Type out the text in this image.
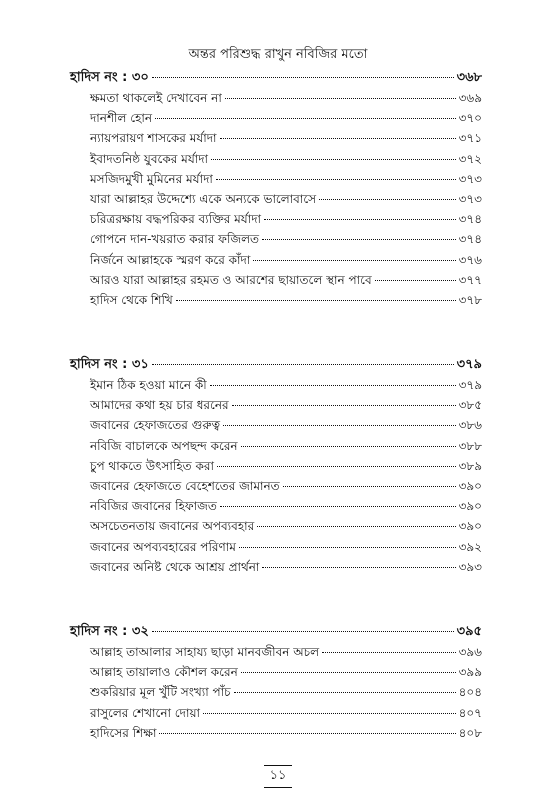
অন্তর পরিশুদ্ধ রাখুন নবিজির মতো
হাদিস নং : ৩০	৩৬৮
ক্ষমতা থাকলেই দেখাবেন না	৩৬৯
দানশীল হোন	৩৭০
ন্যায়পরায়ণ শাসকের মর্যাদা	৩৭১
ইবাদতনিষ্ঠ যুবকের মর্যাদা	৩৭২
মসজিদমুখী মুমিনের মর্যাদা	৩৭৩
যারা আল্লাহর উদ্দেশ্যে একে অন্যকে ভালোবাসে	৩৭৩
চরিত্ররক্ষায় বদ্ধপরিকর ব্যক্তির মর্যাদা	৩৭৪
গোপনে দান-খয়রাত করার ফজিলত	৩৭৪
নির্জনে আল্লাহকে স্মরণ করে কাঁদা	৩৭৬
আরও যারা আল্লাহর রহমত ও আরশের ছায়াতলে স্থান পাবে	৩৭৭
হাদিস থেকে শিখি	৩৭৮
হাদিস নং : ৩১	৩৭৯
ইমান ঠিক হওয়া মানে কী	৩৭৯
আমাদের কথা হয় চার ধরনের	৩৮৫
জবানের হেফাজতের গুরুত্ব	৩৮৬
নবিজি বাচালকে অপছন্দ করেন	৩৮৮
চুপ থাকতে উৎসাহিত করা	৩৮৯
জবানের হেফাজতে বেহেশতের জামানত	৩৯০
নবিজির জবানের হিফাজত	৩৯০
অসচেতনতায় জবানের অপব্যবহার	৩৯০
জবানের অপব্যবহারের পরিণাম	৩৯২
জবানের অনিষ্ট থেকে আশ্রয় প্রার্থনা	৩৯৩
হাদিস নং : ৩২	৩৯৫
আল্লাহ তাআলার সাহায্য ছাড়া মানবজীবন অচল	৩৯৬
আল্লাহ তায়ালাও কৌশল করেন	৩৯৯
শুকরিয়ার মূল খুঁটি সংখ্যা পাঁচ	৪০৪
রাসুলের শেখানো দোয়া	৪০৭
হাদিসের শিক্ষা	৪০৮
১১
